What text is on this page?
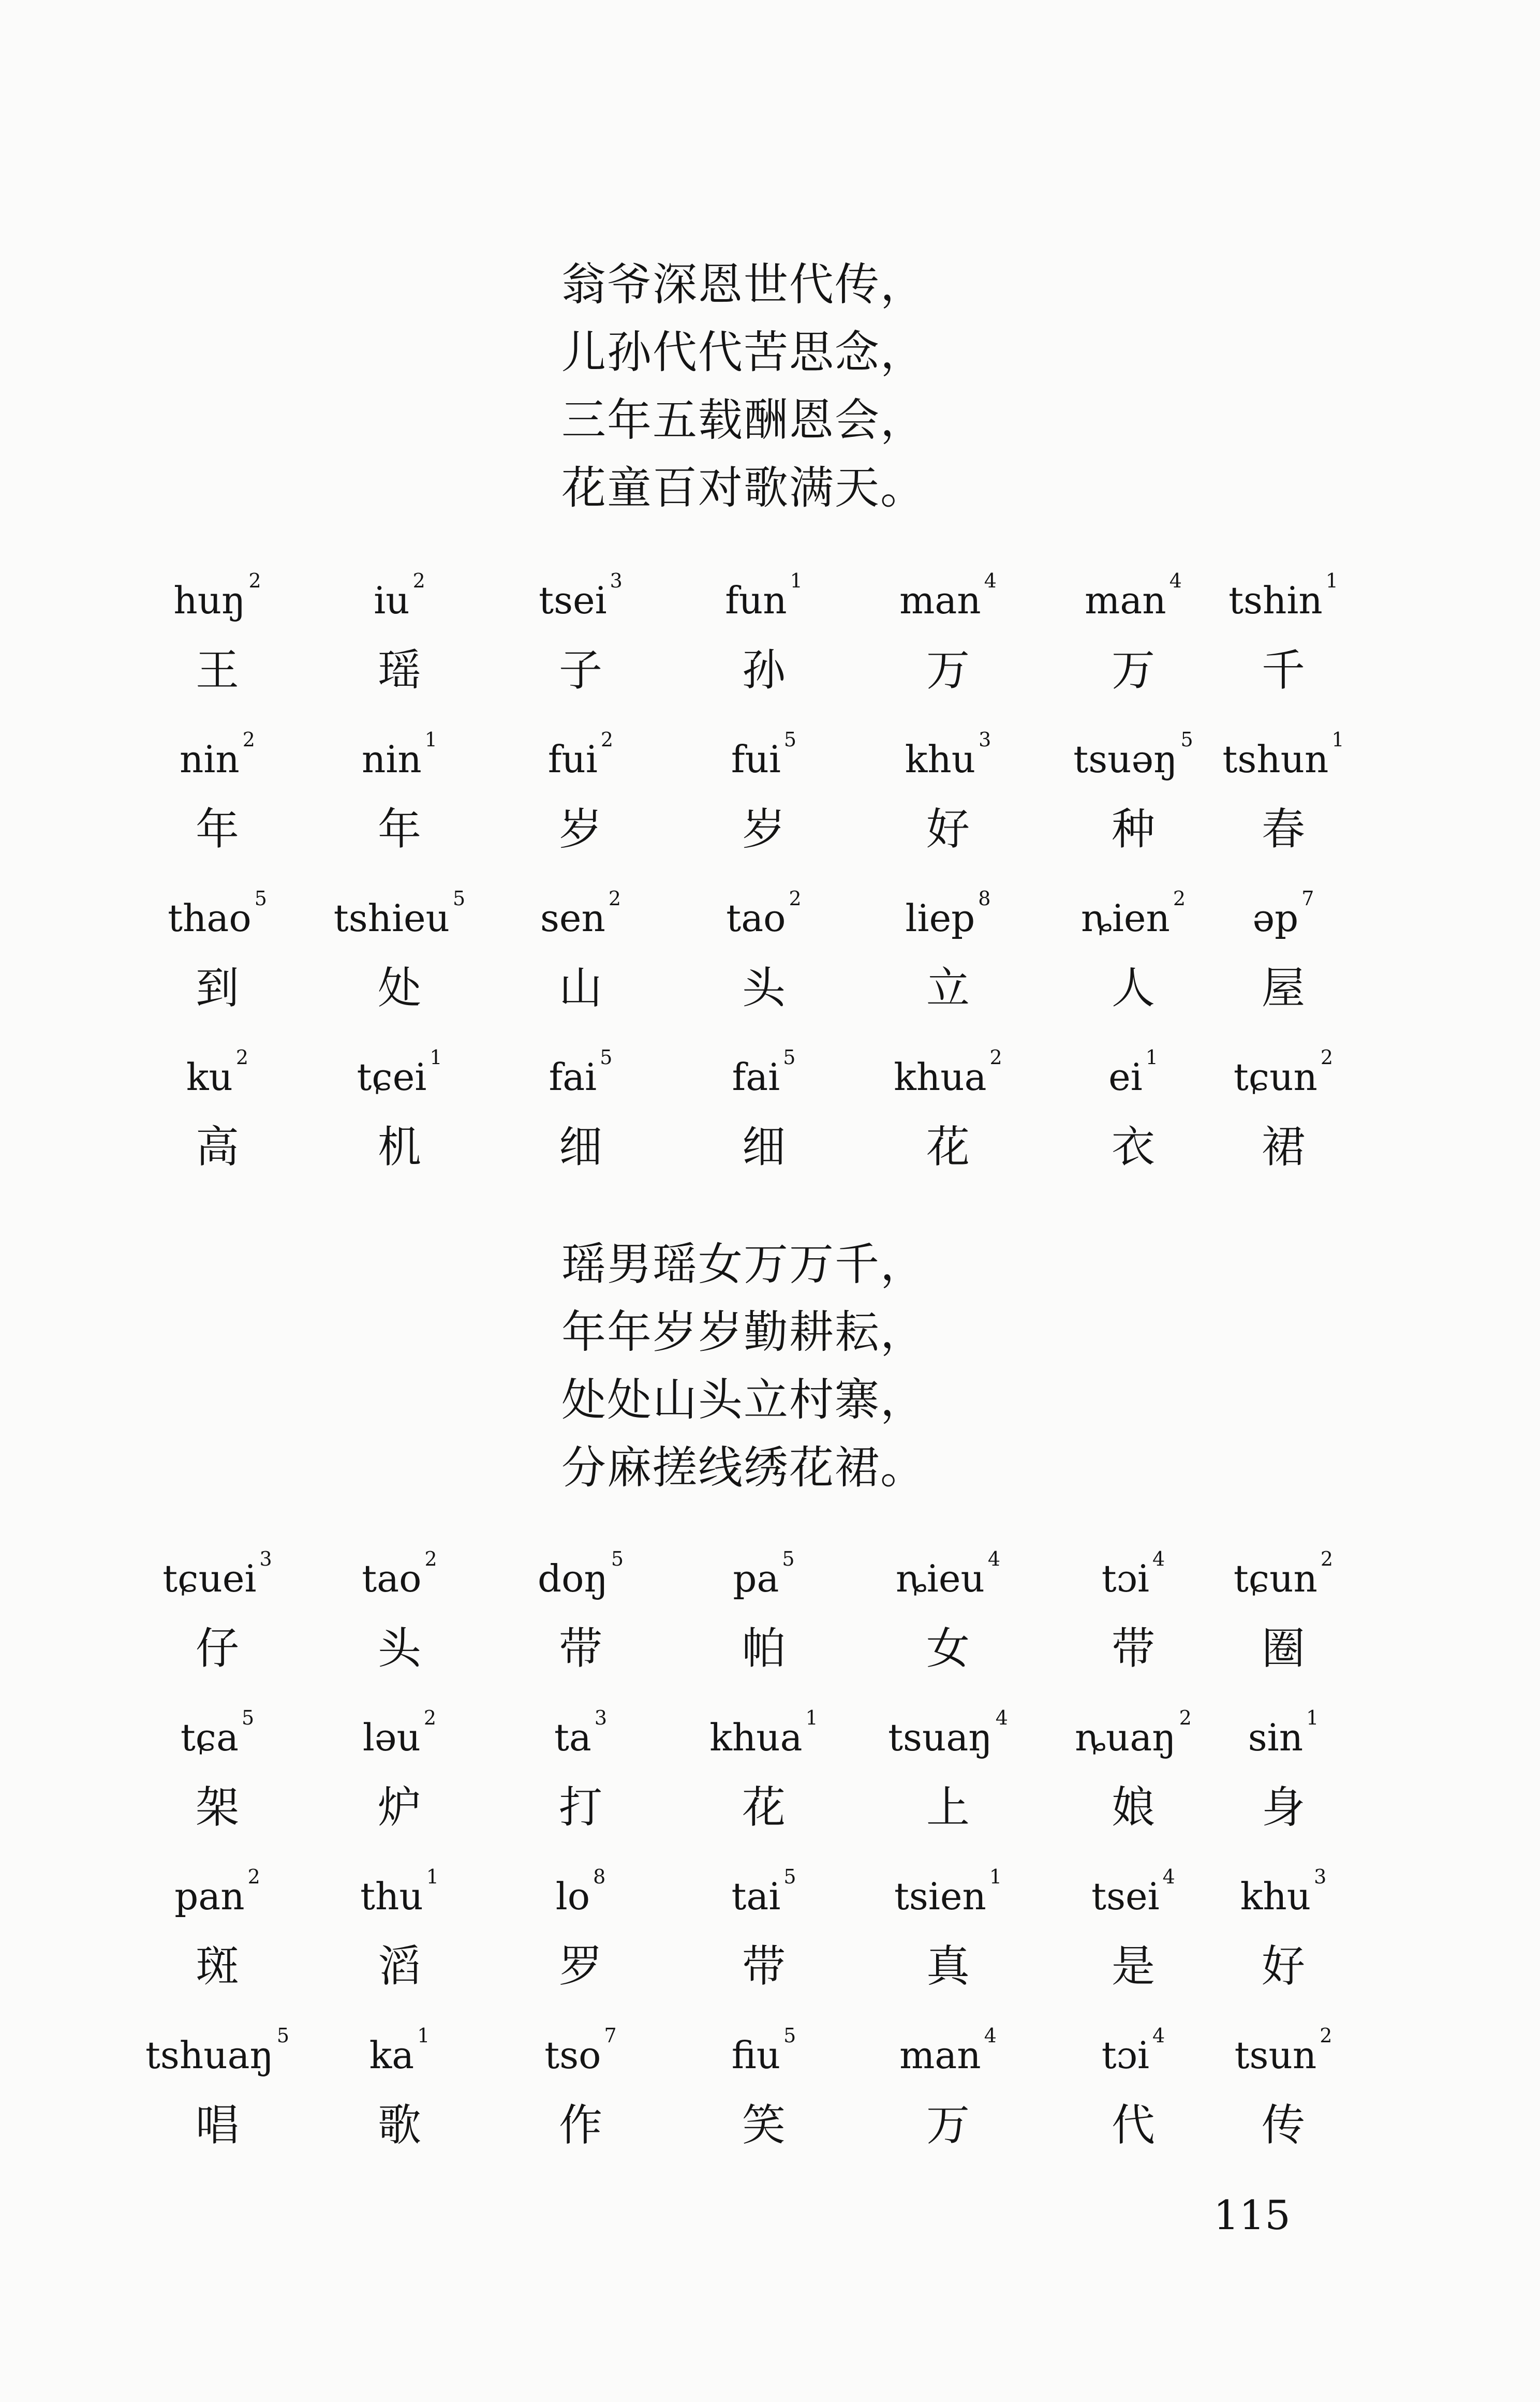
翁爷深恩世代传，
儿孙代代苦思念，
三年五载酬恩会，
花童百对歌满天。
huŋ $^2$
王
iu $^2$
瑶
tsei $^3$
子
fun $^1$
孙
man $^4$
万
man $^4$
万
tshin $^1$
千
nin $^2$
年
nin $^1$
年
fui $^2$
岁
fui $^5$
岁
khu $^3$
好
tsuəŋ $^5$
种
tshun $^1$
春
thao $^5$
到
tshieu $^5$
处
sen $^2$
山
tao $^2$
头
liep $^8$
立
ȵien $^2$
人
əp $^7$
屋
ku $^2$
高
tɕei $^1$
机
fai $^5$
细
fai $^5$
细
khua $^2$
花
ei $^1$
衣
tɕun $^2$
裙
瑶男瑶女万万千，
年年岁岁勤耕耘，
处处山头立村寨，
分麻搓线绣花裙。
tɕuei $^3$
仔
tao $^2$
头
doŋ $^5$
带
pa $^5$
帕
ȵieu $^4$
女
tɔi $^4$
带
tɕun $^2$
圈
tɕa $^5$
架
ləu $^2$
炉
ta $^3$
打
khua $^1$
花
tsuaŋ $^4$
上
ȵuaŋ $^2$
娘
sin $^1$
身
pan $^2$
斑
thu $^1$
滔
lo $^8$
罗
tai $^5$
带
tsien $^1$
真
tsei $^4$
是
khu $^3$
好
tshuaŋ $^5$
唱
ka $^1$
歌
tso $^7$
作
fiu $^5$
笑
man $^4$
万
tɔi $^4$
代
tsun $^2$
传
115
